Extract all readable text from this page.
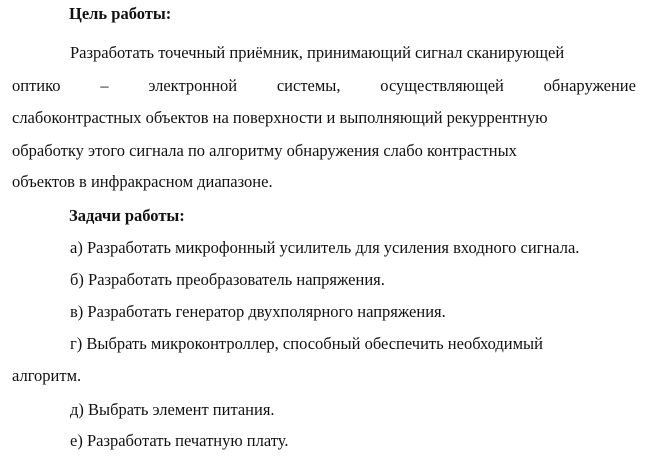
Цель работы:
Разработать точечный приёмник, принимающий сигнал сканирующей
оптико – электронной системы, осуществляющей обнаружение
слабоконтрастных объектов на поверхности и выполняющий рекуррентную
обработку этого сигнала по алгоритму обнаружения слабо контрастных
объектов в инфракрасном диапазоне.
Задачи работы:
а) Разработать микрофонный усилитель для усиления входного сигнала.
б) Разработать преобразователь напряжения.
в) Разработать генератор двухполярного напряжения.
г) Выбрать микроконтроллер, способный обеспечить необходимый
алгоритм.
д) Выбрать элемент питания.
е) Разработать печатную плату.
